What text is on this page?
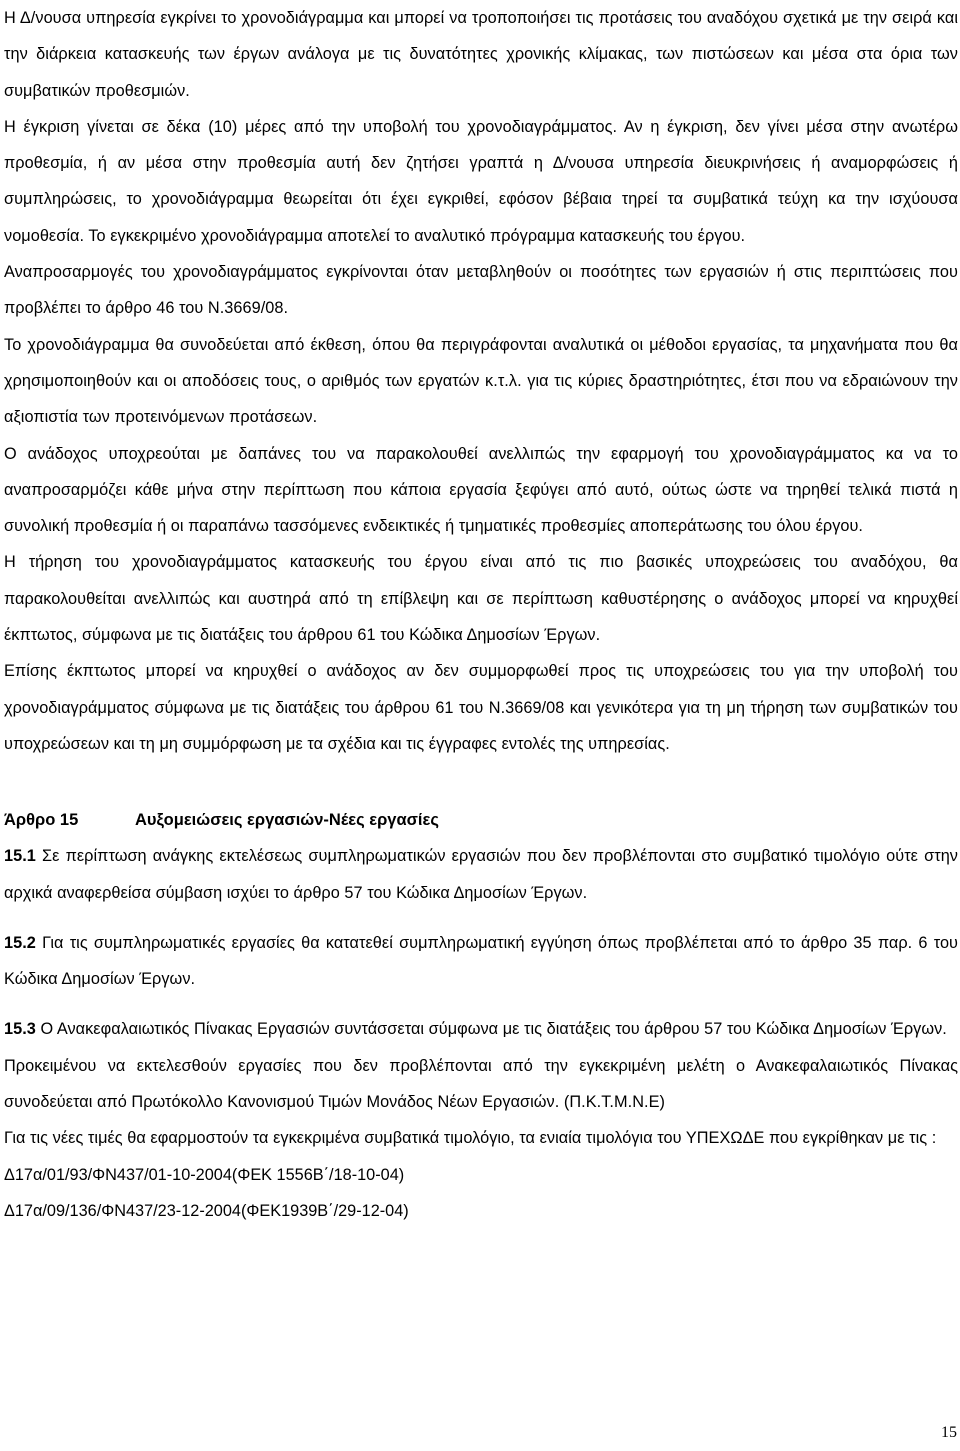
Η Δ/νουσα υπηρεσία εγκρίνει το χρονοδιάγραμμα και μπορεί να τροποποιήσει τις προτάσεις του αναδόχου σχετικά με την σειρά και την διάρκεια κατασκευής των έργων ανάλογα με τις δυνατότητες χρονικής κλίμακας, των πιστώσεων και μέσα στα όρια των συμβατικών προθεσμιών.

Η έγκριση γίνεται σε δέκα (10) μέρες από την υποβολή του χρονοδιαγράμματος. Αν η έγκριση, δεν γίνει μέσα στην ανωτέρω προθεσμία, ή αν μέσα στην προθεσμία αυτή δεν ζητήσει γραπτά η Δ/νουσα υπηρεσία διευκρινήσεις ή αναμορφώσεις ή συμπληρώσεις, το χρονοδιάγραμμα θεωρείται ότι έχει εγκριθεί, εφόσον βέβαια τηρεί τα συμβατικά τεύχη κα την ισχύουσα νομοθεσία. Το εγκεκριμένο χρονοδιάγραμμα αποτελεί το αναλυτικό πρόγραμμα κατασκευής του έργου.

Αναπροσαρμογές του χρονοδιαγράμματος εγκρίνονται όταν μεταβληθούν οι ποσότητες των εργασιών ή στις περιπτώσεις που προβλέπει το άρθρο 46 του Ν.3669/08.

Το χρονοδιάγραμμα θα συνοδεύεται από έκθεση, όπου θα περιγράφονται αναλυτικά οι μέθοδοι εργασίας, τα μηχανήματα που θα χρησιμοποιηθούν και οι αποδόσεις τους, ο αριθμός των εργατών κ.τ.λ. για τις κύριες δραστηριότητες, έτσι που να εδραιώνουν την αξιοπιστία των προτεινόμενων προτάσεων.

Ο ανάδοχος υποχρεούται με δαπάνες του να παρακολουθεί ανελλιπώς την εφαρμογή του χρονοδιαγράμματος κα να το αναπροσαρμόζει κάθε μήνα στην περίπτωση που κάποια εργασία ξεφύγει από αυτό, ούτως ώστε να τηρηθεί τελικά πιστά η συνολική προθεσμία ή οι παραπάνω τασσόμενες ενδεικτικές ή τμηματικές προθεσμίες αποπεράτωσης του όλου έργου.

Η τήρηση του χρονοδιαγράμματος κατασκευής του έργου είναι από τις πιο βασικές υποχρεώσεις του αναδόχου, θα παρακολουθείται ανελλιπώς και αυστηρά από τη επίβλεψη και σε περίπτωση καθυστέρησης ο ανάδοχος μπορεί να κηρυχθεί έκπτωτος, σύμφωνα με τις διατάξεις του άρθρου 61 του Κώδικα Δημοσίων Έργων.

Επίσης έκπτωτος μπορεί να κηρυχθεί ο ανάδοχος αν δεν συμμορφωθεί προς τις υποχρεώσεις του για την υποβολή του χρονοδιαγράμματος σύμφωνα με τις διατάξεις του άρθρου 61 του Ν.3669/08 και γενικότερα για τη μη τήρηση των συμβατικών του υποχρεώσεων και τη μη συμμόρφωση με τα σχέδια και τις έγγραφες εντολές της υπηρεσίας.

Άρθρο 15	Αυξομειώσεις εργασιών-Νέες εργασίες

15.1 Σε περίπτωση ανάγκης εκτελέσεως συμπληρωματικών εργασιών που δεν προβλέπονται στο συμβατικό τιμολόγιο ούτε στην αρχικά αναφερθείσα σύμβαση ισχύει το άρθρο 57 του Κώδικα Δημοσίων Έργων.

15.2 Για τις συμπληρωματικές εργασίες θα κατατεθεί συμπληρωματική εγγύηση όπως προβλέπεται από το άρθρο 35 παρ. 6 του Κώδικα Δημοσίων Έργων.

15.3 Ο Ανακεφαλαιωτικός Πίνακας Εργασιών συντάσσεται σύμφωνα με τις διατάξεις του άρθρου 57 του Κώδικα Δημοσίων Έργων.

Προκειμένου να εκτελεσθούν εργασίες που δεν προβλέπονται από την εγκεκριμένη μελέτη ο Ανακεφαλαιωτικός Πίνακας συνοδεύεται από Πρωτόκολλο Κανονισμού Τιμών Μονάδος Νέων Εργασιών. (Π.Κ.Τ.Μ.Ν.Ε)

Για τις νέες τιμές θα εφαρμοστούν τα εγκεκριμένα συμβατικά τιμολόγιο, τα ενιαία τιμολόγια του ΥΠΕΧΩΔΕ που εγκρίθηκαν με τις :

Δ17α/01/93/ΦΝ437/01-10-2004(ΦΕΚ 1556Β΄/18-10-04)
Δ17α/09/136/ΦΝ437/23-12-2004(ΦΕΚ1939Β΄/29-12-04)
15
